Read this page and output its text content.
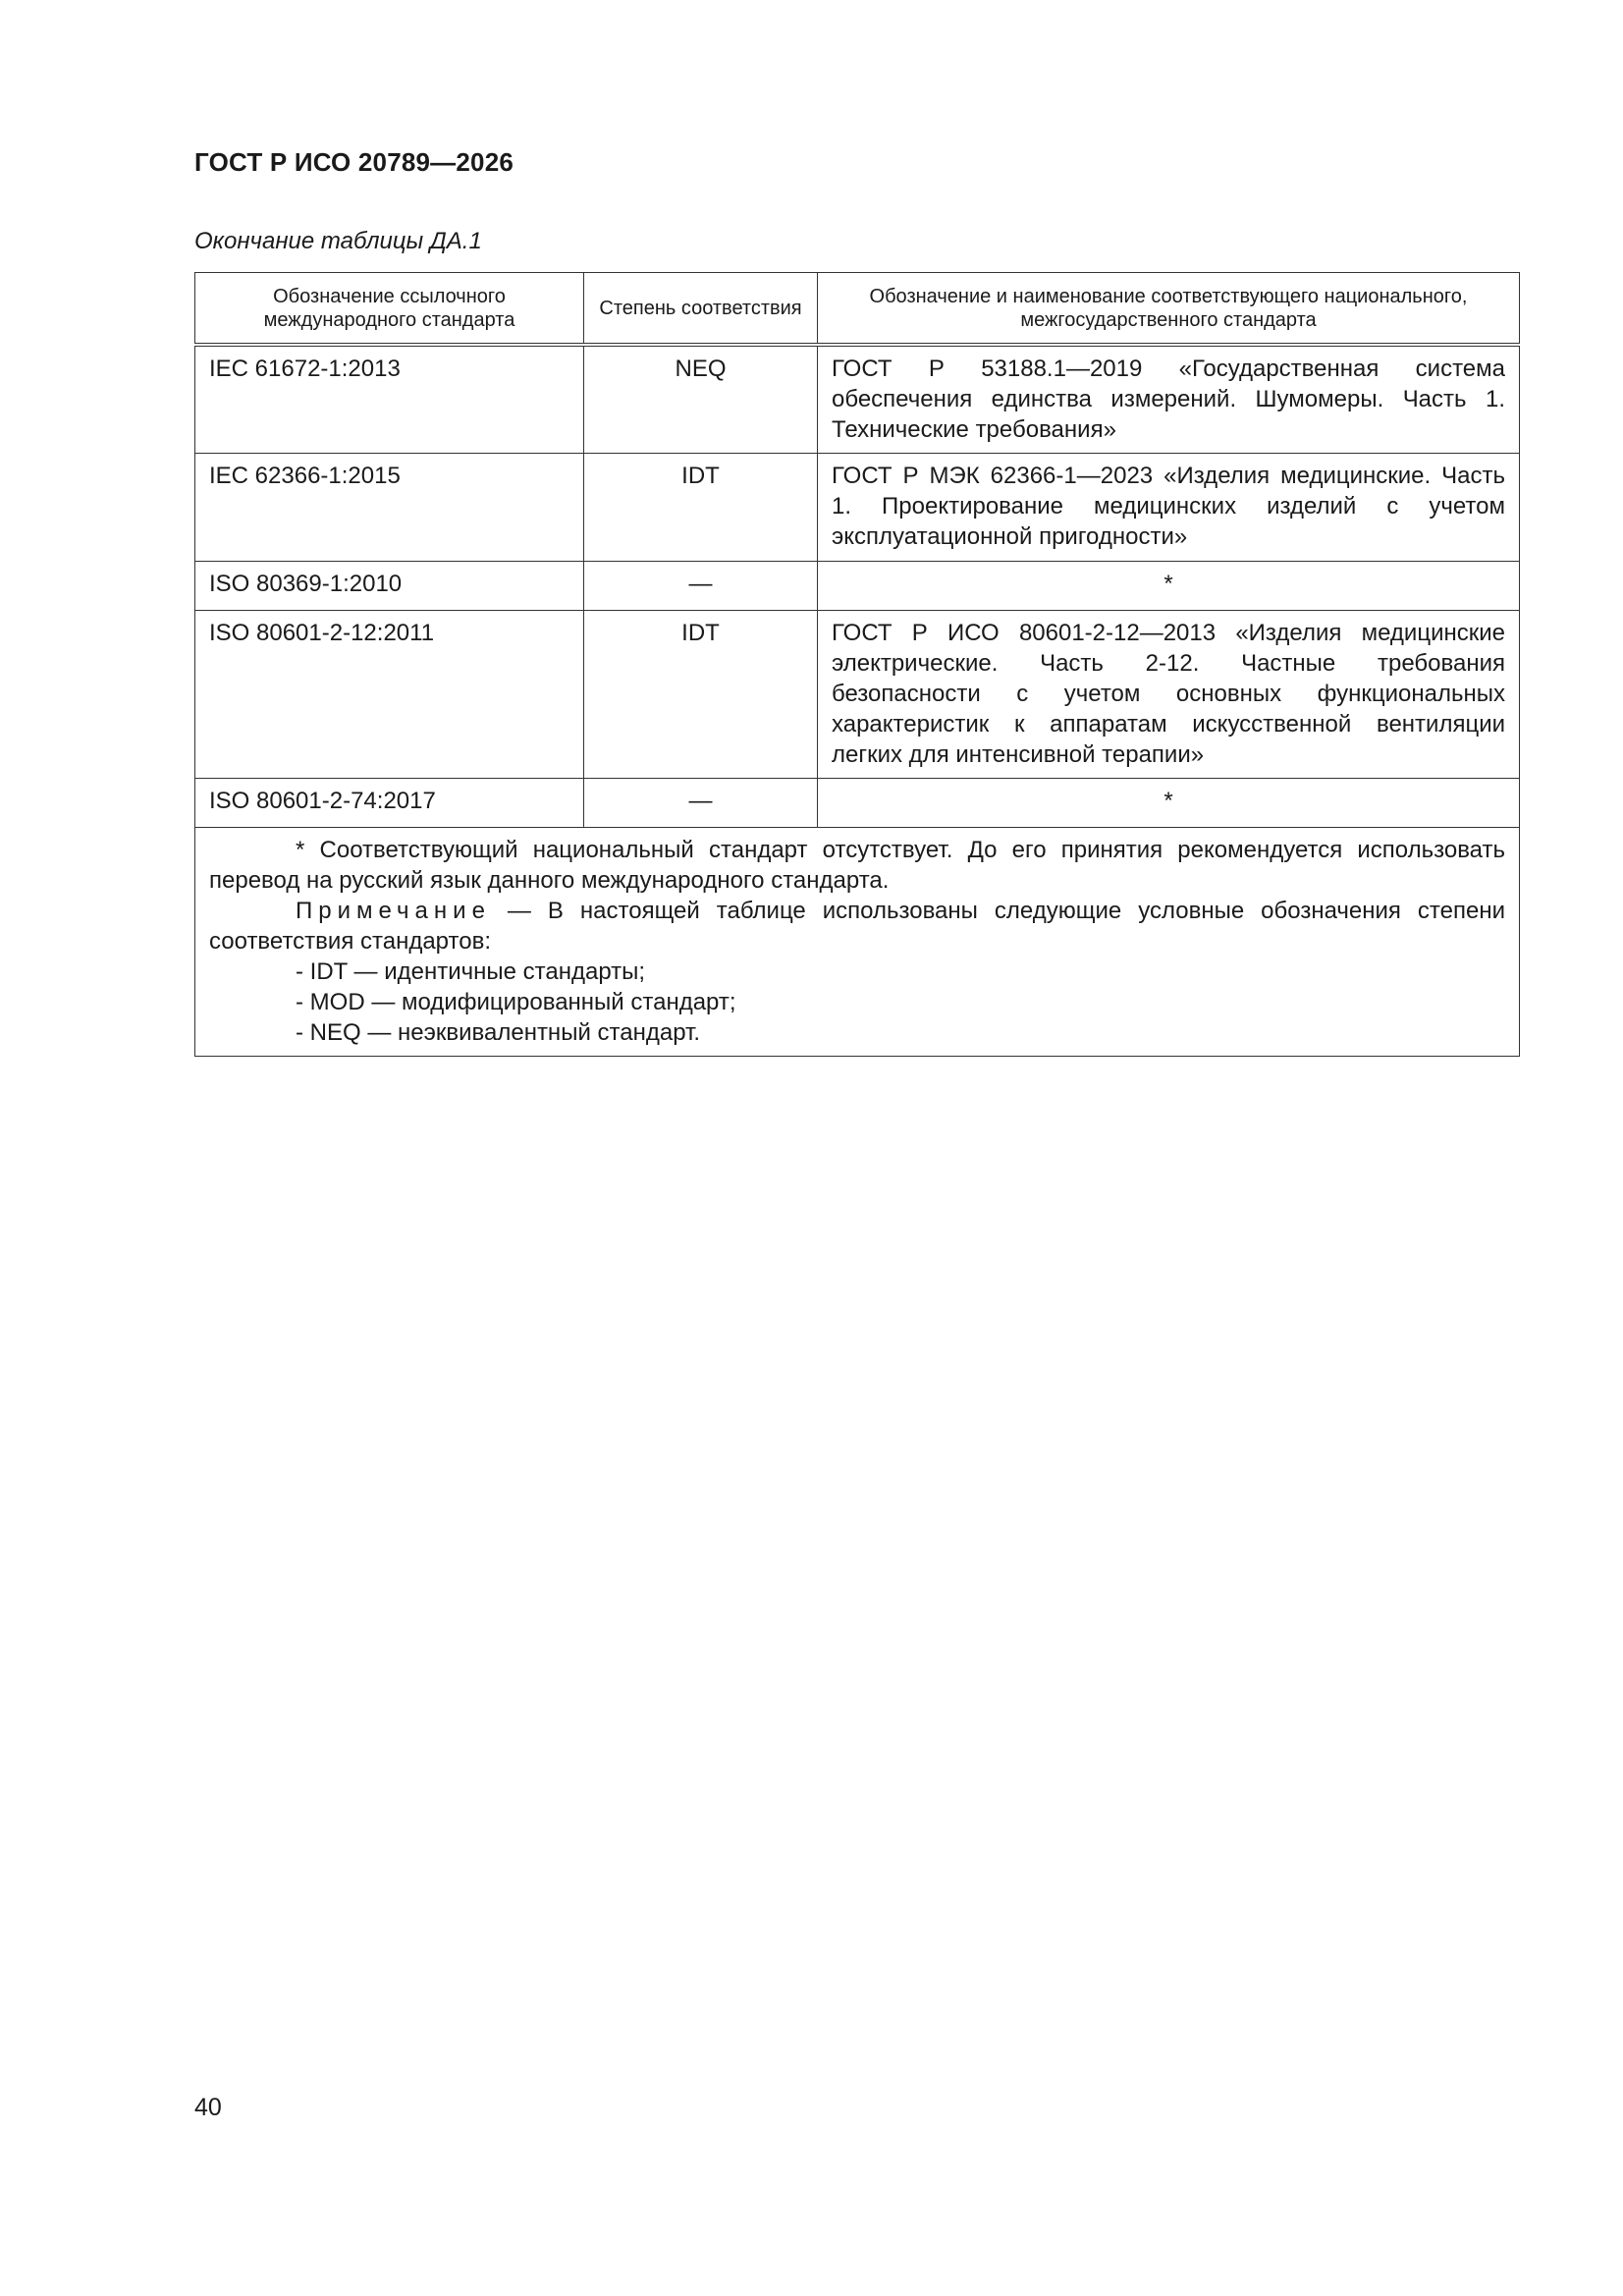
ГОСТ Р ИСО 20789—2026
Окончание таблицы ДА.1
Обозначение ссылочного международного стандарта	Степень соответствия	Обозначение и наименование соответствующего национального, межгосударственного стандарта
IEC 61672-1:2013	NEQ	ГОСТ Р 53188.1—2019 «Государственная система обеспечения единства измерений. Шумомеры. Часть 1. Технические требования»
IEC 62366-1:2015	IDT	ГОСТ Р МЭК 62366-1—2023 «Изделия медицинские. Часть 1. Проектирование медицинских изделий с учетом эксплуатационной пригодности»
ISO 80369-1:2010	—	*
ISO 80601-2-12:2011	IDT	ГОСТ Р ИСО 80601-2-12—2013 «Изделия медицинские электрические. Часть 2-12. Частные требования безопасности с учетом основных функциональных характеристик к аппаратам искусственной вентиляции легких для интенсивной терапии»
ISO 80601-2-74:2017	—	*

* Соответствующий национальный стандарт отсутствует. До его принятия рекомендуется использовать перевод на русский язык данного международного стандарта.
Примечание — В настоящей таблице использованы следующие условные обозначения степени соответствия стандартов:
- IDT — идентичные стандарты;
- MOD — модифицированный стандарт;
- NEQ — неэквивалентный стандарт.		
40
